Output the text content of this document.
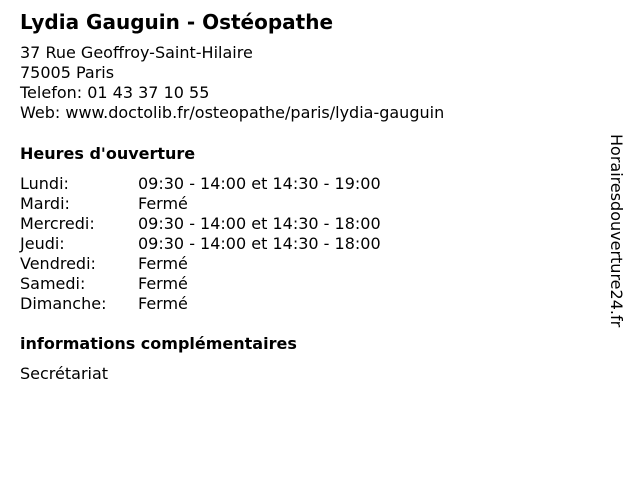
Lydia Gauguin - Ostéopathe
37 Rue Geoffroy-Saint-Hilaire
75005 Paris
Telefon: 01 43 37 10 55
Web: www.doctolib.fr/osteopathe/paris/lydia-gauguin
Heures d'ouverture
Lundi:	09:30 - 14:00 et 14:30 - 19:00
Mardi:	Fermé
Mercredi:	09:30 - 14:00 et 14:30 - 18:00
Jeudi:	09:30 - 14:00 et 14:30 - 18:00
Vendredi:	Fermé
Samedi:	Fermé
Dimanche: Fermé
informations complémentaires
Secrétariat
Horairesdouverture24.fr
